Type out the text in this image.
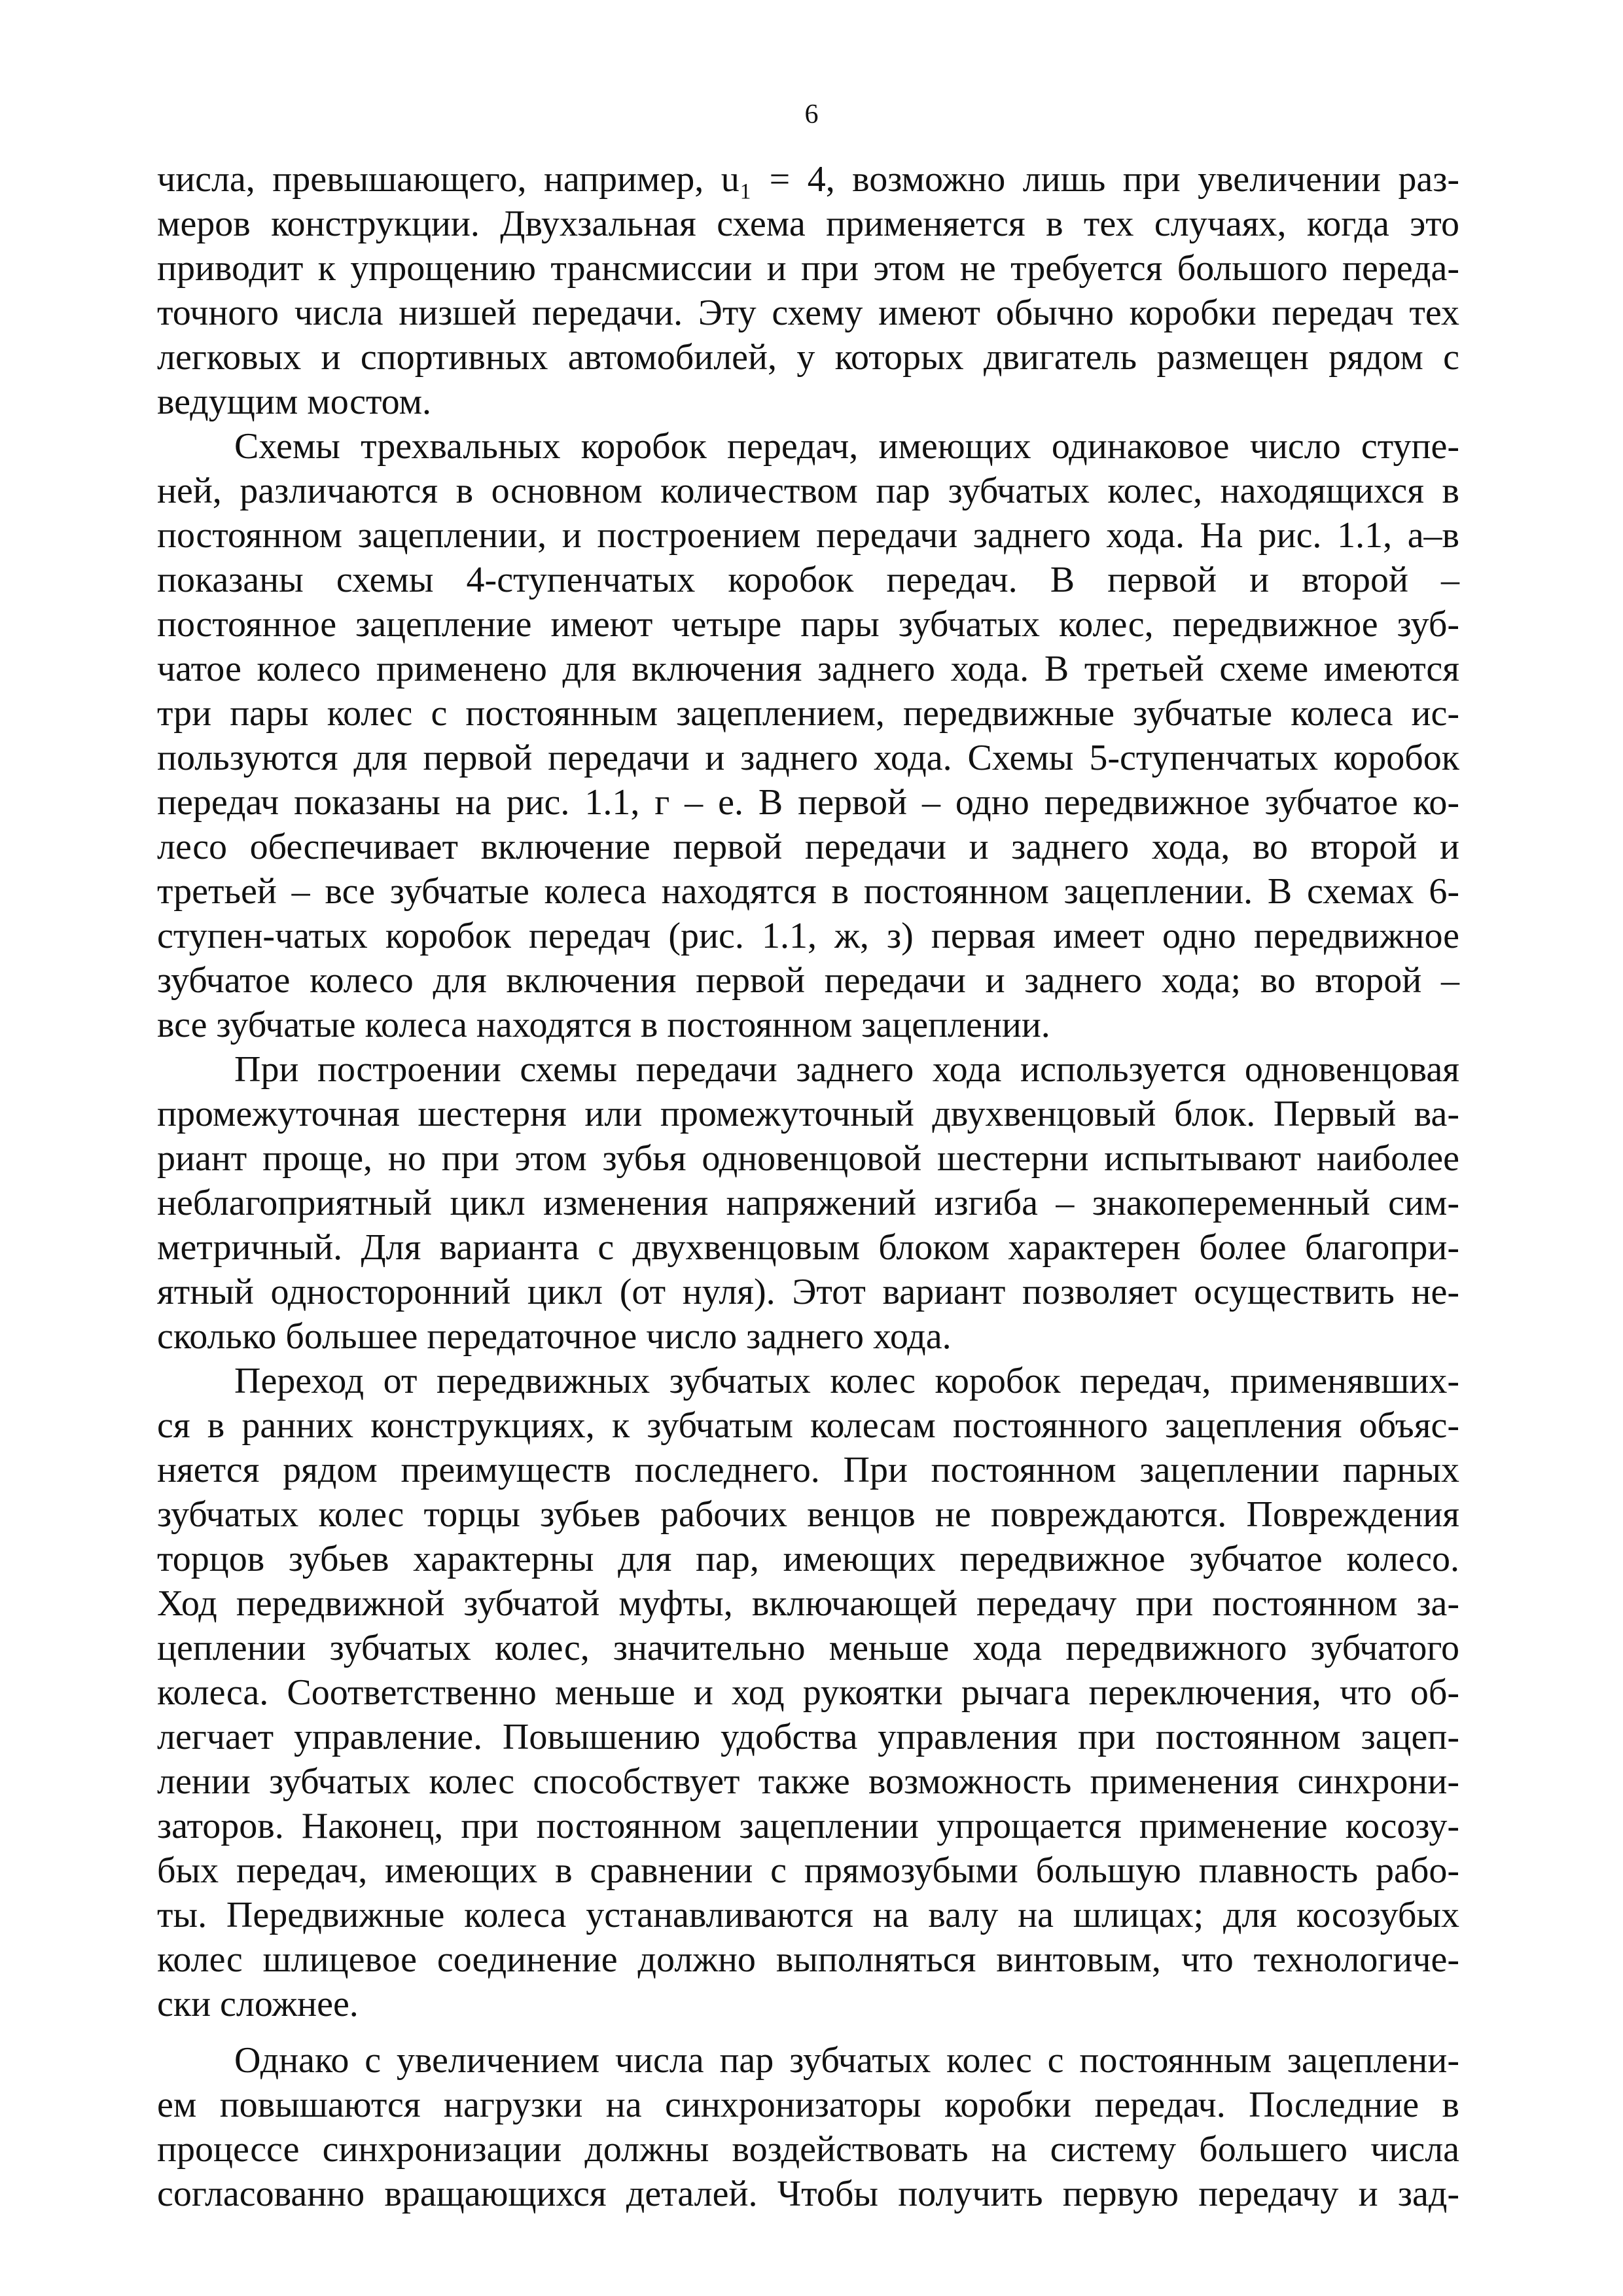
6
числа, превышающего, например, u₁ = 4, возможно лишь при увеличении раз-
меров конструкции. Двухзальная схема применяется в тех случаях, когда это
приводит к упрощению трансмиссии и при этом не требуется большого переда-
точного числа низшей передачи. Эту схему имеют обычно коробки передач тех
легковых и спортивных автомобилей, у которых двигатель размещен рядом с
ведущим мостом.
Схемы трехвальных коробок передач, имеющих одинаковое число ступе-
ней, различаются в основном количеством пар зубчатых колес, находящихся в
постоянном зацеплении, и построением передачи заднего хода. На рис. 1.1, а–в
показаны схемы 4-ступенчатых коробок передач. В первой и второй –
постоянное зацепление имеют четыре пары зубчатых колес, передвижное зуб-
чатое колесо применено для включения заднего хода. В третьей схеме имеются
три пары колес с постоянным зацеплением, передвижные зубчатые колеса ис-
пользуются для первой передачи и заднего хода. Схемы 5-ступенчатых коробок
передач показаны на рис. 1.1, г – е. В первой – одно передвижное зубчатое ко-
лесо обеспечивает включение первой передачи и заднего хода, во второй и
третьей – все зубчатые колеса находятся в постоянном зацеплении. В схемах 6-
ступен-чатых коробок передач (рис. 1.1, ж, з) первая имеет одно передвижное
зубчатое колесо для включения первой передачи и заднего хода; во второй –
все зубчатые колеса находятся в постоянном зацеплении.
При построении схемы передачи заднего хода используется одновенцовая
промежуточная шестерня или промежуточный двухвенцовый блок. Первый ва-
риант проще, но при этом зубья одновенцовой шестерни испытывают наиболее
неблагоприятный цикл изменения напряжений изгиба – знакопеременный сим-
метричный. Для варианта с двухвенцовым блоком характерен более благопри-
ятный односторонний цикл (от нуля). Этот вариант позволяет осуществить не-
сколько большее передаточное число заднего хода.
Переход от передвижных зубчатых колес коробок передач, применявших-
ся в ранних конструкциях, к зубчатым колесам постоянного зацепления объяс-
няется рядом преимуществ последнего. При постоянном зацеплении парных
зубчатых колес торцы зубьев рабочих венцов не повреждаются. Повреждения
торцов зубьев характерны для пар, имеющих передвижное зубчатое колесо.
Ход передвижной зубчатой муфты, включающей передачу при постоянном за-
цеплении зубчатых колес, значительно меньше хода передвижного зубчатого
колеса. Соответственно меньше и ход рукоятки рычага переключения, что об-
легчает управление. Повышению удобства управления при постоянном зацеп-
лении зубчатых колес способствует также возможность применения синхрони-
заторов. Наконец, при постоянном зацеплении упрощается применение косозу-
бых передач, имеющих в сравнении с прямозубыми большую плавность рабо-
ты. Передвижные колеса устанавливаются на валу на шлицах; для косозубых
колес шлицевое соединение должно выполняться винтовым, что технологиче-
ски сложнее.
Однако с увеличением числа пар зубчатых колес с постоянным зацеплени-
ем повышаются нагрузки на синхронизаторы коробки передач. Последние в
процессе синхронизации должны воздействовать на систему большего числа
согласованно вращающихся деталей. Чтобы получить первую передачу и зад-
